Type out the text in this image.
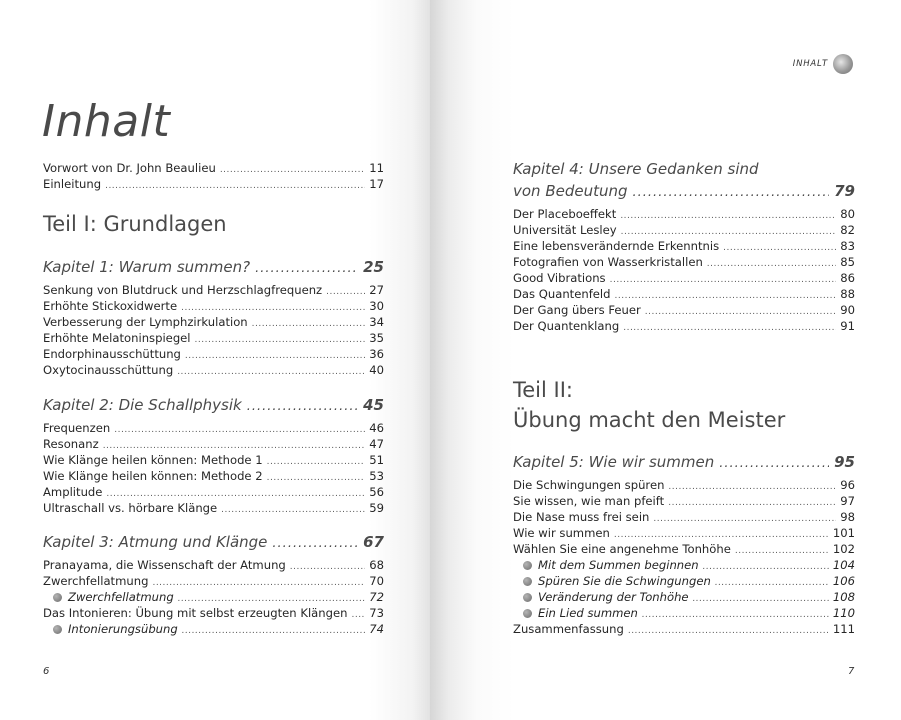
Inhalt
Vorwort von Dr. John Beaulieu .....	11
Einleitung .....	17
Teil I: Grundlagen
Kapitel 1: Warum summen? .....	25
Senkung von Blutdruck und Herzschlagfrequenz .....	27
Erhöhte Stickoxidwerte .....	30
Verbesserung der Lymphzirkulation .....	34
Erhöhte Melatoninspiegel .....	35
Endorphinausschüttung .....	36
Oxytocinausschüttung .....	40
Kapitel 2: Die Schallphysik .....	45
Frequenzen .....	46
Resonanz .....	47
Wie Klänge heilen können: Methode 1 .....	51
Wie Klänge heilen können: Methode 2 .....	53
Amplitude .....	56
Ultraschall vs. hörbare Klänge .....	59
Kapitel 3: Atmung und Klänge .....	67
Pranayama, die Wissenschaft der Atmung .....	68
Zwerchfellatmung .....	70
Zwerchfellatmung .....	72
Das Intonieren: Übung mit selbst erzeugten Klängen ..... 73
Intonierungsübung .....	74
6
INHALT
Kapitel 4: Unsere Gedanken sind
von Bedeutung .....	79
Der Placeboeffekt .....	80
Universität Lesley .....	82
Eine lebensverändernde Erkenntnis .....	83
Fotografien von Wasserkristallen .....	85
Good Vibrations .....	86
Das Quantenfeld .....	88
Der Gang übers Feuer .....	90
Der Quantenklang .....	91
Teil II:
Übung macht den Meister
Kapitel 5: Wie wir summen .....	95
Die Schwingungen spüren .....	96
Sie wissen, wie man pfeift .....	97
Die Nase muss frei sein .....	98
Wie wir summen .....	101
Wählen Sie eine angenehme Tonhöhe .....	102
Mit dem Summen beginnen .....	104
Spüren Sie die Schwingungen .....	106
Veränderung der Tonhöhe .....	108
Ein Lied summen .....	110
Zusammenfassung .....	111
7
